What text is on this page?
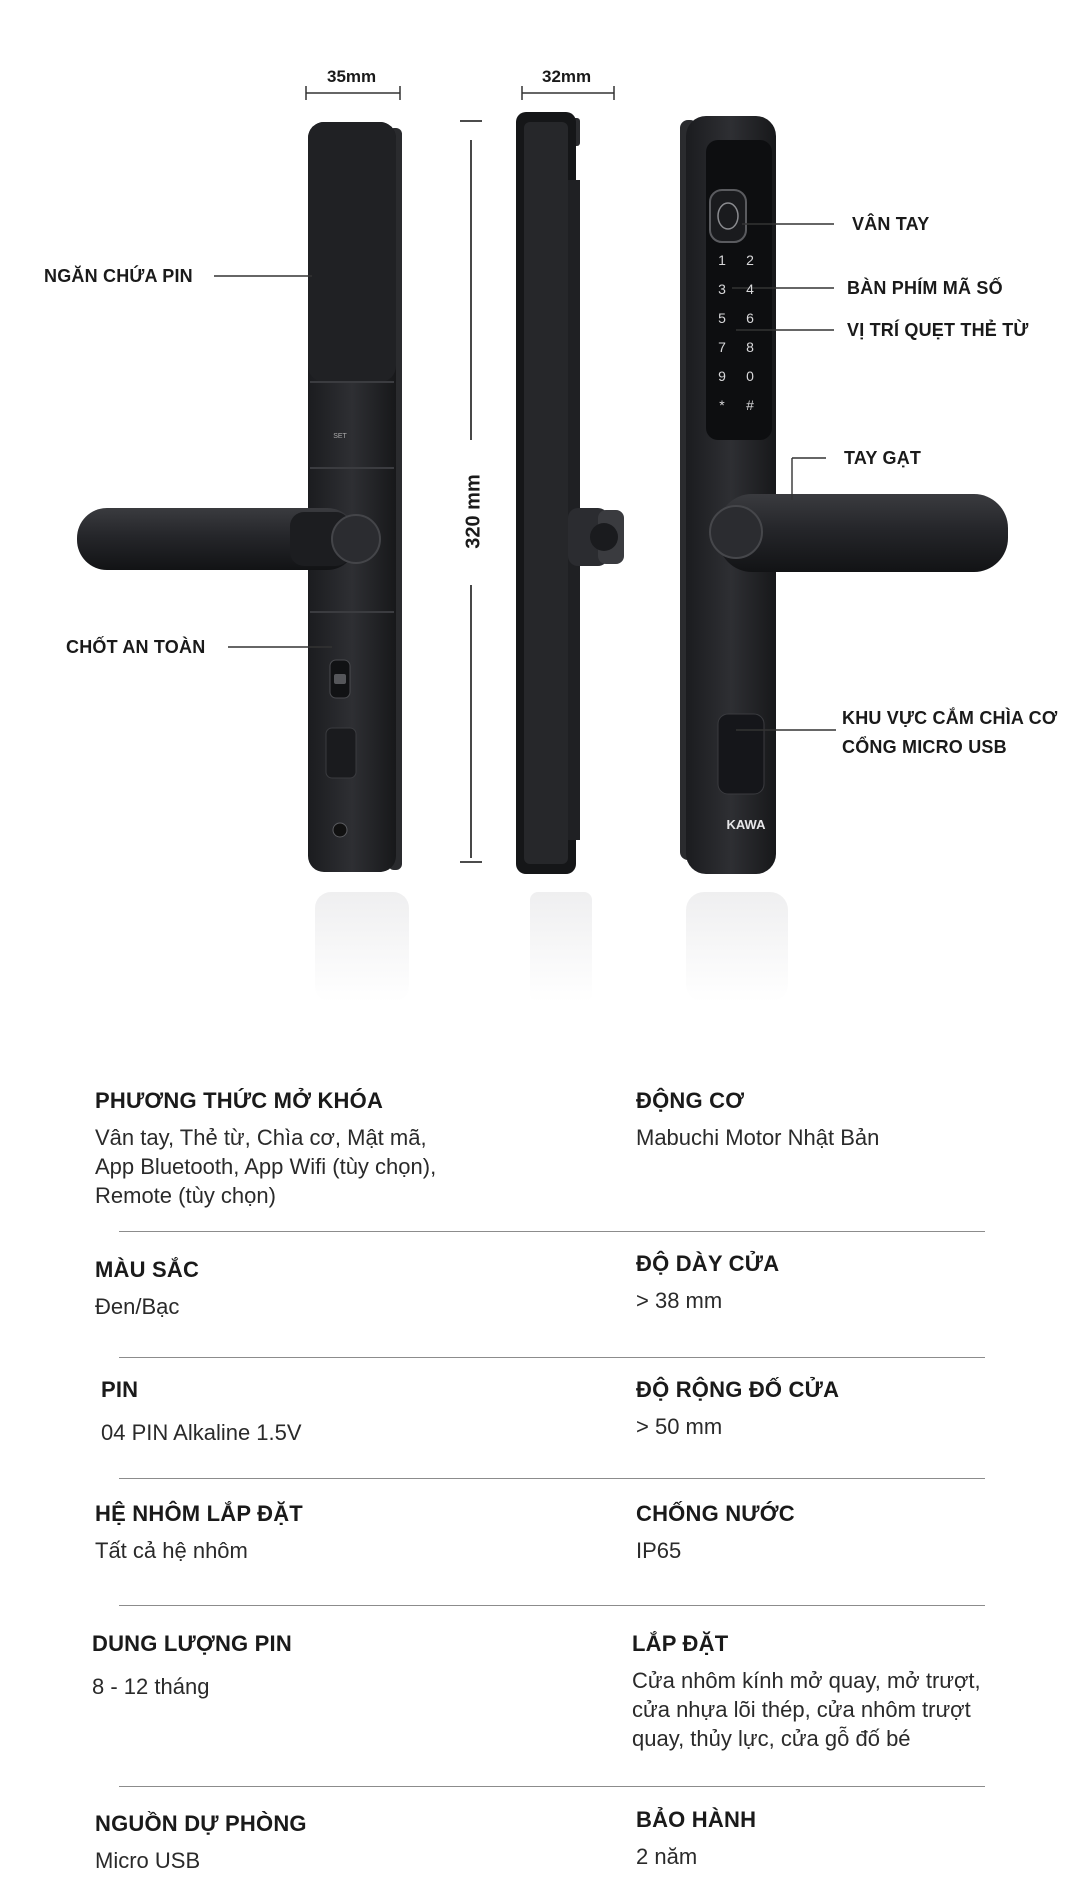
1 2
3 4
5 6
7 8
9 0
* #
SET
KAWA
35mm	32mm
320 mm
NGĂN CHỨA PIN
CHỐT AN TOÀN
VÂN TAY
BÀN PHÍM MÃ SỐ
VỊ TRÍ QUẸT THẺ TỪ
TAY GẠT
KHU VỰC CẮM CHÌA CƠ
CỔNG MICRO USB
PHƯƠNG THỨC MỞ KHÓA
Vân tay, Thẻ từ, Chìa cơ, Mật mã,
App Bluetooth, App Wifi (tùy chọn),
Remote (tùy chọn)
ĐỘNG CƠ
Mabuchi Motor Nhật Bản
MÀU SẮC
Đen/Bạc
ĐỘ DÀY CỬA
> 38 mm
PIN
04 PIN Alkaline 1.5V
ĐỘ RỘNG ĐỐ CỬA
> 50 mm
HỆ NHÔM LẮP ĐẶT
Tất cả hệ nhôm
CHỐNG NƯỚC
IP65
DUNG LƯỢNG PIN
8 - 12 tháng
LẮP ĐẶT
Cửa nhôm kính mở quay, mở trượt,
cửa nhựa lõi thép, cửa nhôm trượt
quay, thủy lực, cửa gỗ đố bé
NGUỒN DỰ PHÒNG
Micro USB
BẢO HÀNH
2 năm
